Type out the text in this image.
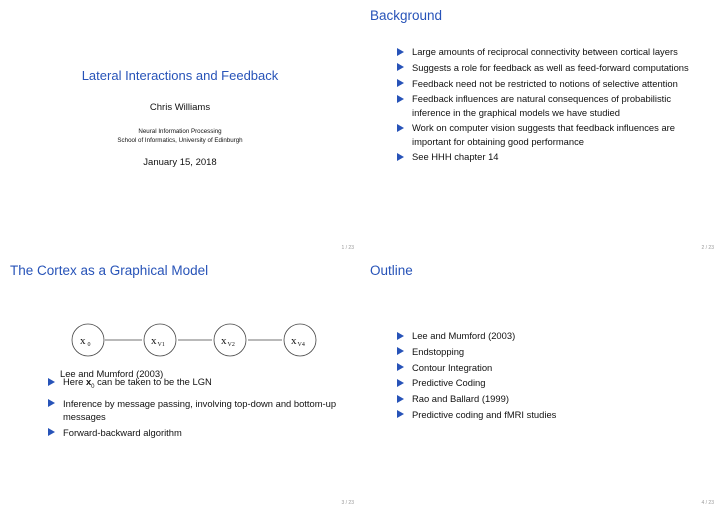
Lateral Interactions and Feedback
Chris Williams
Neural Information Processing
School of Informatics, University of Edinburgh
January 15, 2018
1 / 23
Background
Large amounts of reciprocal connectivity between cortical layers
Suggests a role for feedback as well as feed-forward computations
Feedback need not be restricted to notions of selective attention
Feedback influences are natural consequences of probabilistic inference in the graphical models we have studied
Work on computer vision suggests that feedback influences are important for obtaining good performance
See HHH chapter 14
2 / 23
The Cortex as a Graphical Model
x 0	xV1	xV2	xV4
Lee and Mumford (2003)
Here $x_0$ can be taken to be the LGN
Inference by message passing, involving top-down and bottom-up messages
Forward-backward algorithm
3 / 23
Outline
Lee and Mumford (2003)
Endstopping
Contour Integration
Predictive Coding
Rao and Ballard (1999)
Predictive coding and fMRI studies
4 / 23
